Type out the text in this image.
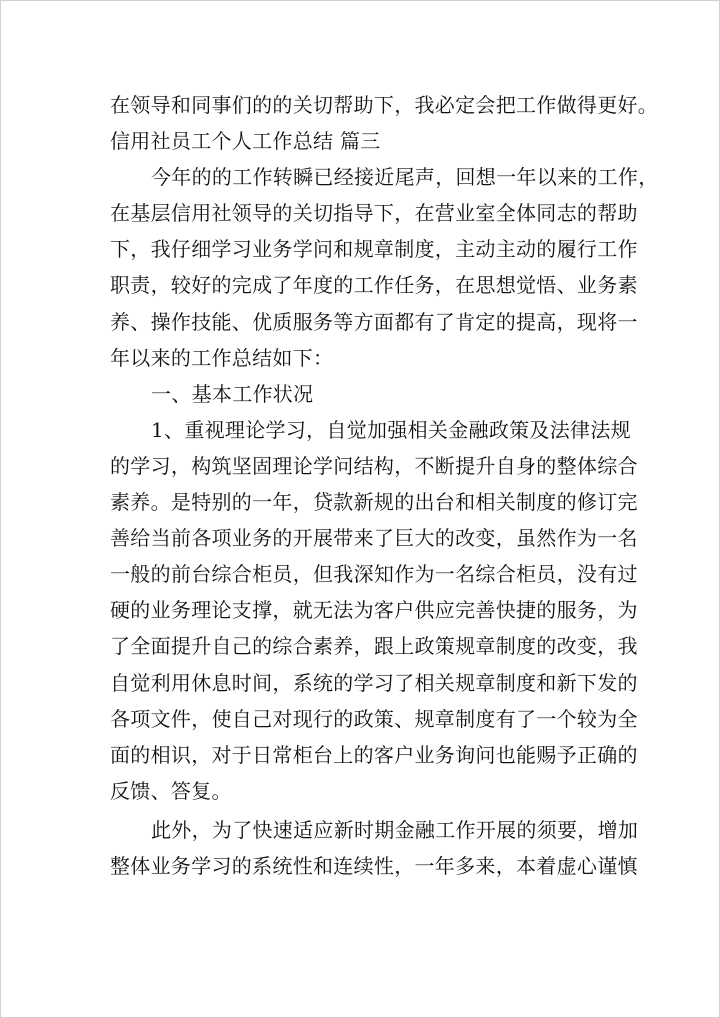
在领导和同事们的的关切帮助下，我必定会把工作做得更好。
信用社员工个人工作总结 篇三
今年的的工作转瞬已经接近尾声，回想一年以来的工作，
在基层信用社领导的关切指导下，在营业室全体同志的帮助
下，我仔细学习业务学问和规章制度，主动主动的履行工作
职责，较好的完成了年度的工作任务，在思想觉悟、业务素
养、操作技能、优质服务等方面都有了肯定的提高，现将一
年以来的工作总结如下：
一、基本工作状况
1、重视理论学习，自觉加强相关金融政策及法律法规
的学习，构筑坚固理论学问结构，不断提升自身的整体综合
素养。是特别的一年，贷款新规的出台和相关制度的修订完
善给当前各项业务的开展带来了巨大的改变，虽然作为一名
一般的前台综合柜员，但我深知作为一名综合柜员，没有过
硬的业务理论支撑，就无法为客户供应完善快捷的服务，为
了全面提升自己的综合素养，跟上政策规章制度的改变，我
自觉利用休息时间，系统的学习了相关规章制度和新下发的
各项文件，使自己对现行的政策、规章制度有了一个较为全
面的相识，对于日常柜台上的客户业务询问也能赐予正确的
反馈、答复。
此外，为了快速适应新时期金融工作开展的须要，增加
整体业务学习的系统性和连续性，一年多来，本着虚心谨慎
